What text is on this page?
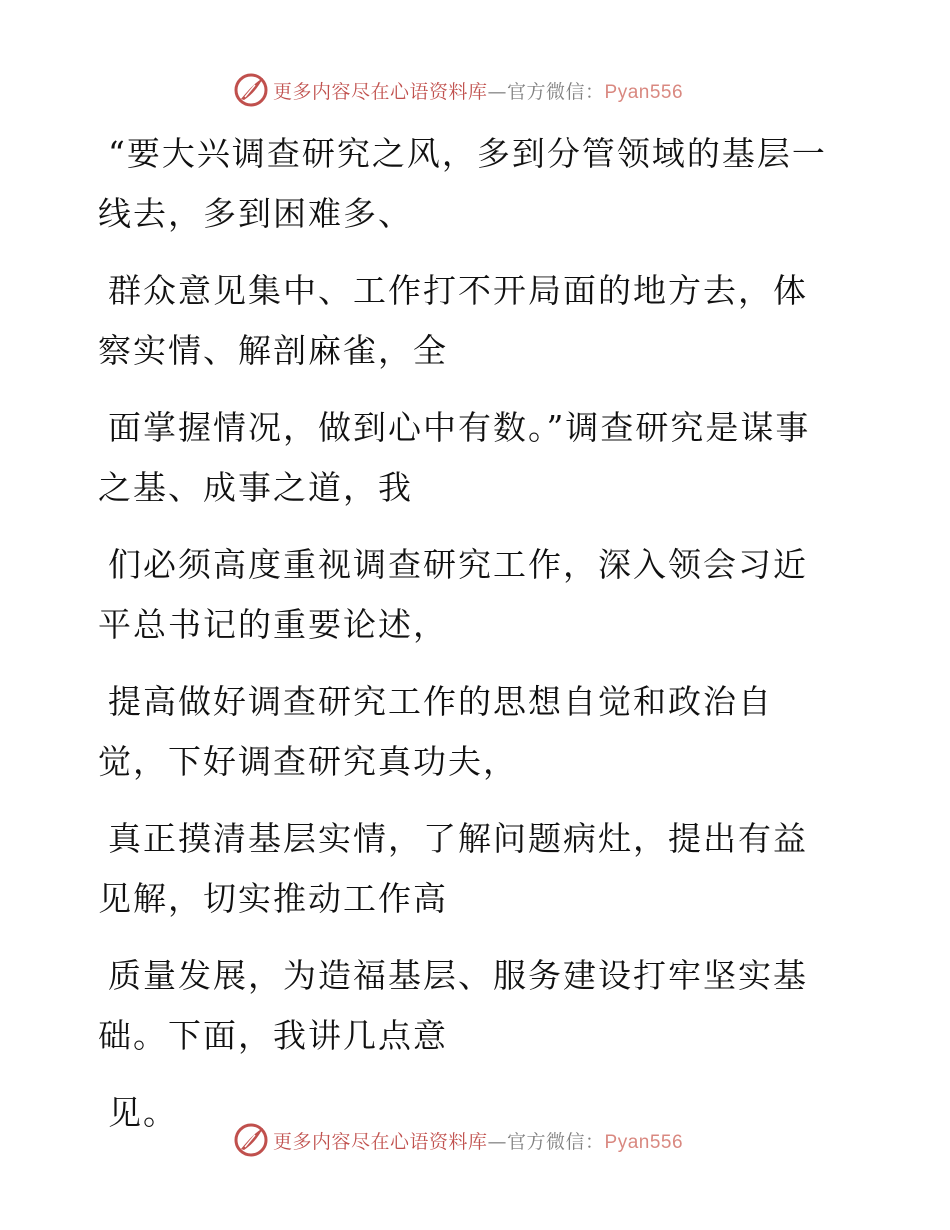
更多内容尽在心语资料库—官方微信：Pyan556

“要大兴调查研究之风，多到分管领域的基层一线去，多到困难多、

群众意见集中、工作打不开局面的地方去，体察实情、解剖麻雀，全

面掌握情况，做到心中有数。”调查研究是谋事之基、成事之道，我

们必须高度重视调查研究工作，深入领会习近平总书记的重要论述，

提高做好调查研究工作的思想自觉和政治自觉，下好调查研究真功夫，

真正摸清基层实情，了解问题病灶，提出有益见解，切实推动工作高

质量发展，为造福基层、服务建设打牢坚实基础。下面，我讲几点意

见。

更多内容尽在心语资料库—官方微信：Pyan556
